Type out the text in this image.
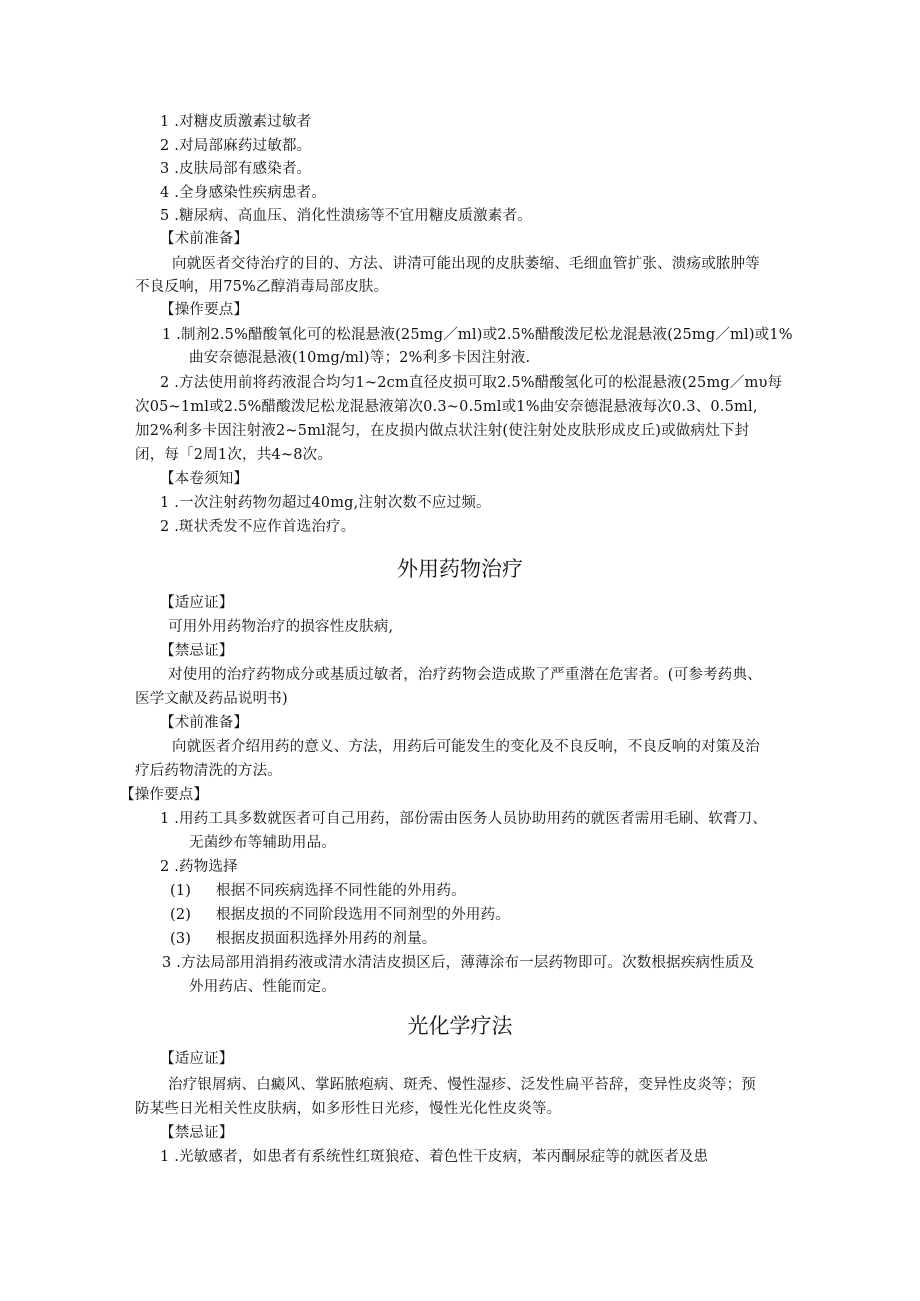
1 .对糖皮质激素过敏者
2 .对局部麻药过敏都。
3 .皮肤局部有感染者。
4 .全身感染性疾病患者。
5 .糖尿病、高血压、消化性溃疡等不宜用糖皮质激素者。
【术前准备】
向就医者交待治疗的目的、方法、讲清可能出现的皮肤萎缩、毛细血管扩张、溃疡或脓肿等
不良反响，用75%乙醇消毒局部皮肤。
【操作要点】
1 .制剂2.5%醋酸氧化可的松混悬液(25mg／ml)或2.5%醋酸泼尼松龙混悬液(25mg／ml)或1%
曲安奈德混悬液(10mg/ml)等；2%利多卡因注射液.
2 .方法使用前将药液混合均匀1~2cm直径皮损可取2.5%醋酸氢化可的松混悬液(25mg／mυ每
次05~1ml或2.5%醋酸泼尼松龙混悬液第次0.3~0.5ml或1%曲安奈德混悬液每次0.3、0.5ml,
加2%利多卡因注射液2~5ml混匀，在皮损内做点状注射(使注射处皮肤形成皮丘)或做病灶下封
闭，每「2周1次，共4~8次。
【本卷须知】
1 .一次注射药物勿超过40mg,注射次数不应过频。
2 .斑状秃发不应作首选治疗。
外用药物治疗
【适应证】
可用外用药物治疗的损容性皮肤病,
【禁忌证】
对使用的治疗药物成分或基质过敏者，治疗药物会造成欺了严重潜在危害者。(可参考药典、
医学文献及药品说明书)
【术前准备】
向就医者介绍用药的意义、方法，用药后可能发生的变化及不良反响，不良反响的对策及治
疗后药物清洗的方法。
【操作要点】
1 .用药工具多数就医者可自己用药，部份需由医务人员协助用药的就医者需用毛刷、软膏刀、
无菌纱布等辅助用品。
2 .药物选择
(1) 根据不同疾病选择不同性能的外用药。
(2) 根据皮损的不同阶段选用不同剂型的外用药。
(3) 根据皮损面积选择外用药的剂量。
3 .方法局部用消捐药液或清水清洁皮损区后，薄薄涂布一层药物即可。次数根据疾病性质及
外用药店、性能而定。
光化学疗法
【适应证】
治疗银屑病、白癜风、掌跖脓疱病、斑秃、慢性湿疹、泛发性扁平苔辞，变异性皮炎等；预
防某些日光相关性皮肤病，如多形性日光疹，慢性光化性皮炎等。
【禁忌证】
1 .光敏感者，如患者有系统性红斑狼疮、着色性干皮病，苯丙酮尿症等的就医者及患
